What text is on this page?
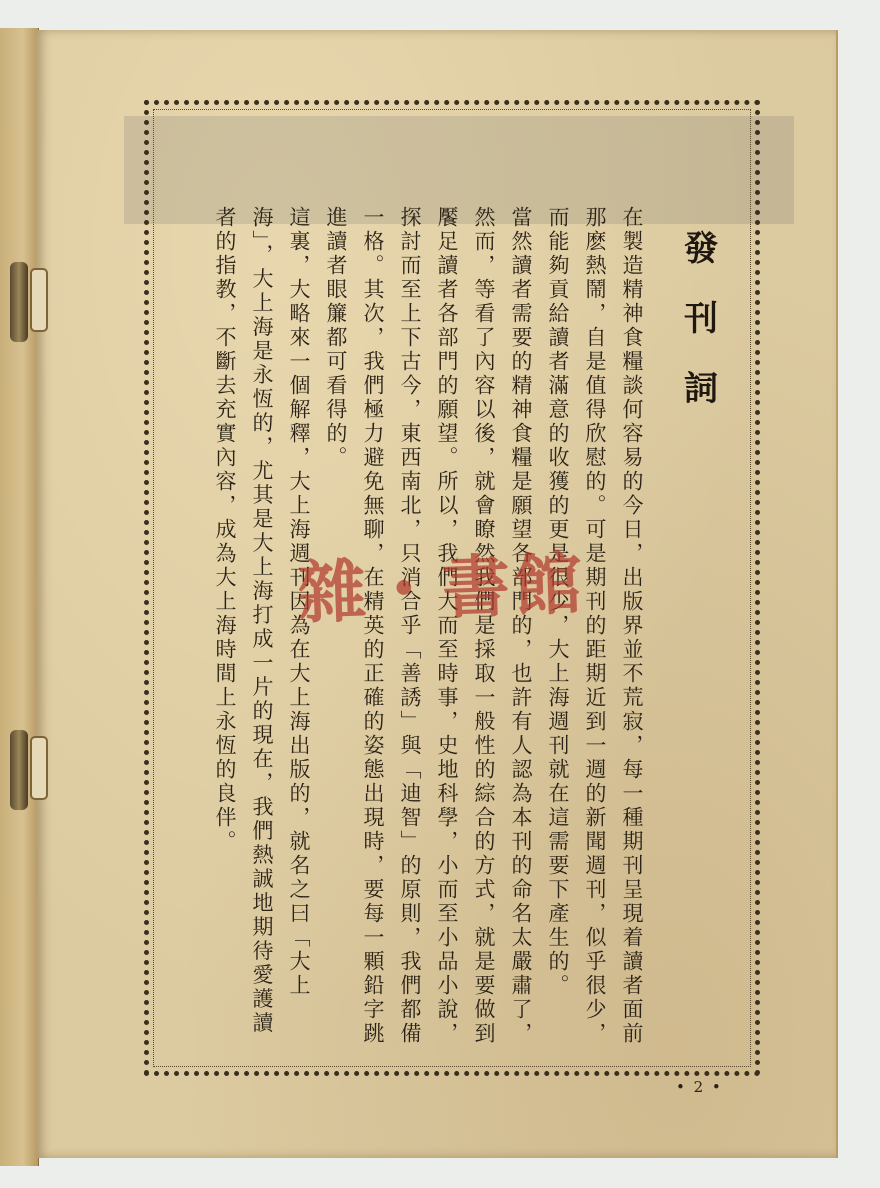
發
刊
詞

在製造精神食糧談何容易的今日，出版界並不荒寂，每一種期刊呈現着讀者面前那麽熱鬧，自是值得欣慰的。可是期刊的距期近到一週的新聞週刊，似乎很少，而能夠貢給讀者滿意的收獲的更是很少，大上海週刊就在這需要下產生的。

當然讀者需要的精神食糧是願望各部門的，也許有人認為本刊的命名太嚴肅了，然而，等看了內容以後，就會瞭然我們是採取一般性的綜合的方式，就是要做到饜足讀者各部門的願望。所以，我們大而至時事，史地科學，小而至小品小說，探討而至上下古今，東西南北，只消合乎「善誘」與「迪智」的原則，我們都備一格。其次，我們極力避免無聊，在精英的正確的姿態出現時，要每一顆鉛字跳進讀者眼簾都可看得的。

這裏，大略來一個解釋，大上海週刊因為在大上海出版的，就名之曰「大上海」，大上海是永恆的，尤其是大上海打成一片的現在，我們熱誠地期待愛護讀者的指教，不斷去充實內容，成為大上海時間上永恆的良伴。 雜・書館
• 2 •
